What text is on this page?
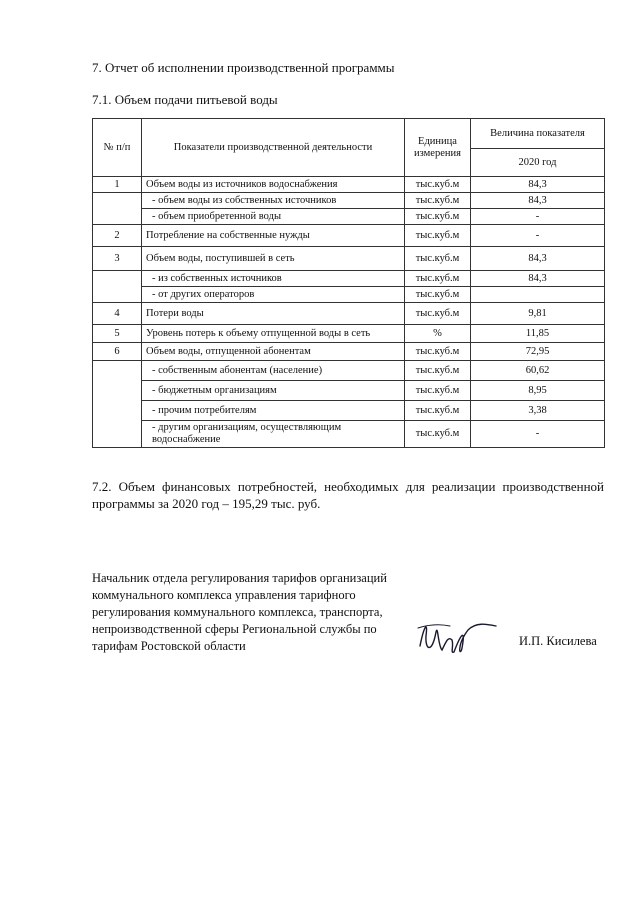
7. Отчет об исполнении производственной программы
7.1. Объем подачи питьевой воды
№ п/п	Показатели производственной деятельности	Единица измерения	Величина показателя
			2020 год
1	Объем воды из источников водоснабжения	тыс.куб.м	84,3
	- объем воды из собственных источников	тыс.куб.м	84,3
	- объем приобретенной воды	тыс.куб.м	-
2	Потребление на собственные нужды	тыс.куб.м	-
3	Объем воды, поступившей в сеть	тыс.куб.м	84,3
	- из собственных источников	тыс.куб.м	84,3
	- от других операторов	тыс.куб.м	
4	Потери воды	тыс.куб.м	9,81
5	Уровень потерь к объему отпущенной воды в сеть	%	11,85
6	Объем воды, отпущенной абонентам	тыс.куб.м	72,95
	- собственным абонентам (население)	тыс.куб.м	60,62
	- бюджетным организациям	тыс.куб.м	8,95
	- прочим потребителям	тыс.куб.м	3,38
	- другим организациям, осуществляющим водоснабжение	тыс.куб.м	-
7.2. Объем финансовых потребностей, необходимых для реализации производственной программы за 2020 год – 195,29 тыс. руб.
Начальник отдела регулирования тарифов организаций коммунального комплекса управления тарифного регулирования коммунального комплекса, транспорта, непроизводственной сферы Региональной службы по тарифам Ростовской области	И.П. Кисилева
